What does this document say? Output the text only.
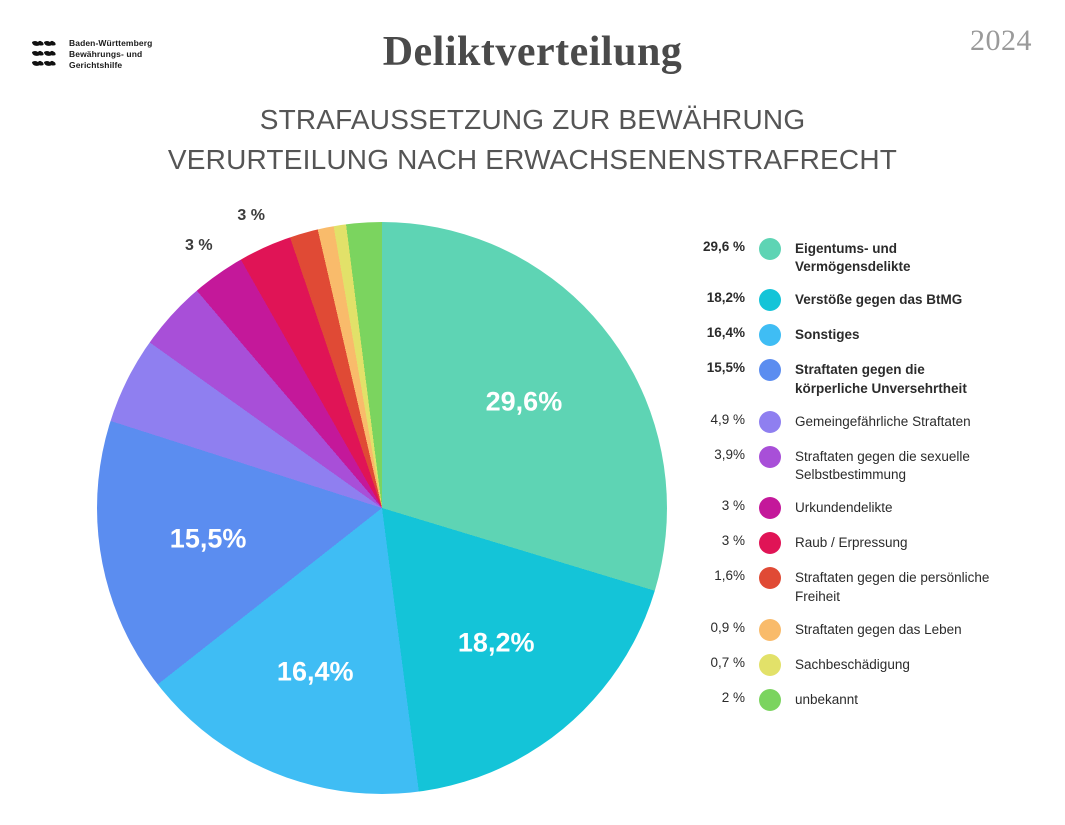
Baden-Württemberg
Bewährungs- und
Gerichtshilfe
2024
Deliktverteilung
STRAFAUSSETZUNG ZUR BEWÄHRUNG
VERURTEILUNG NACH ERWACHSENENSTRAFRECHT
29,6%
18,2%
16,4%
15,5%
4,9%
3,9%
3 %
3 %
29,6 %	Eigentums- und
Vermögensdelikte
18,2%	Verstöße gegen das BtMG
16,4%	Sonstiges
15,5%	Straftaten gegen die
körperliche Unversehrtheit
4,9 %	Gemeingefährliche Straftaten
3,9%	Straftaten gegen die sexuelle
Selbstbestimmung
3 %	Urkundendelikte
3 %	Raub / Erpressung
1,6%	Straftaten gegen die persönliche
Freiheit
0,9 %	Straftaten gegen das Leben
0,7 %	Sachbeschädigung
2 %	unbekannt
